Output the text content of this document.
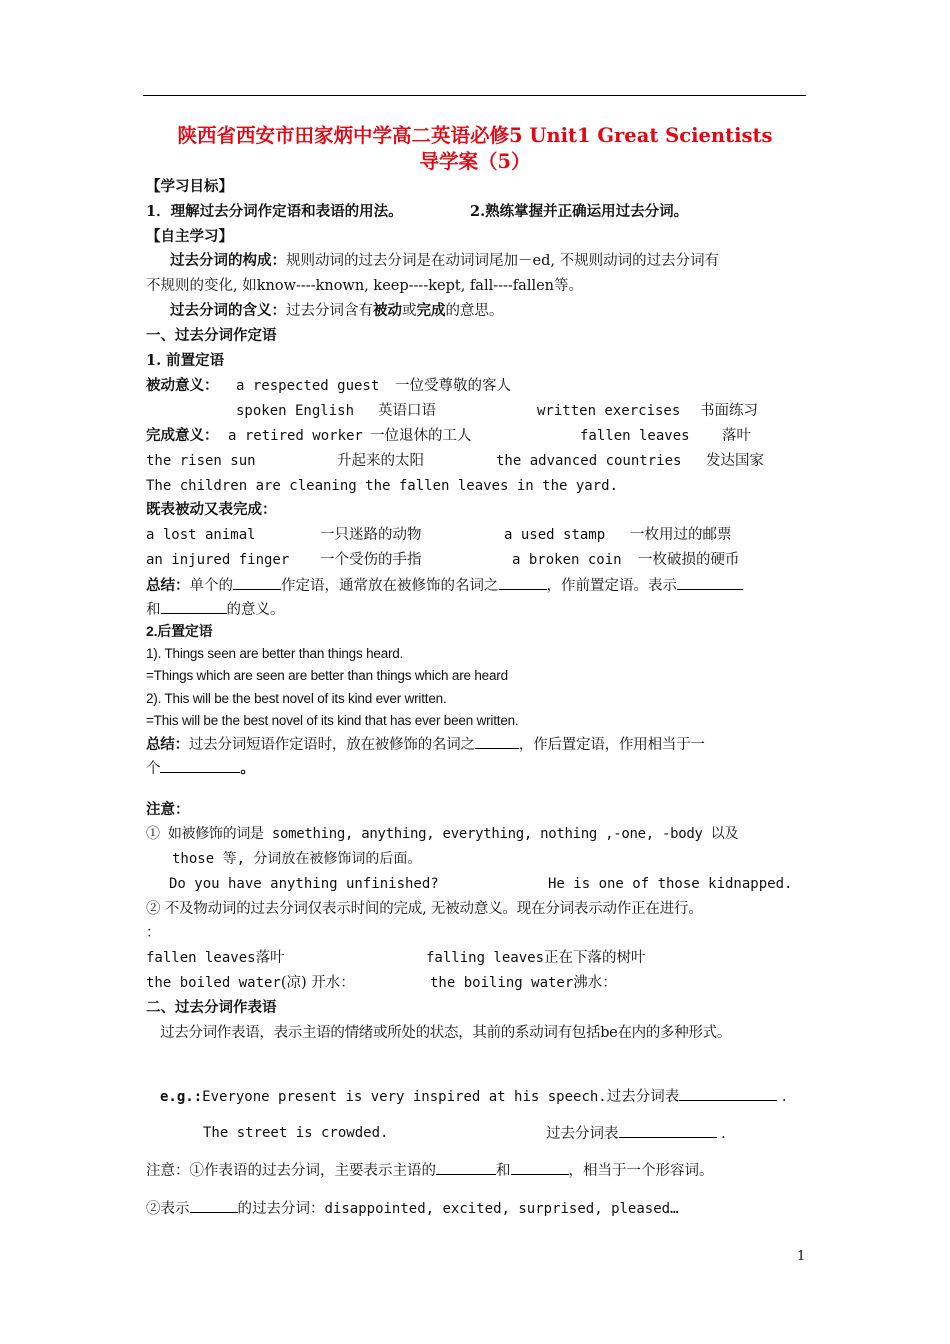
陕西省西安市田家炳中学高二英语必修5 Unit1 Great Scientists
导学案（5）
【学习目标】
1．理解过去分词作定语和表语的用法。	2.熟练掌握并正确运用过去分词。
【自主学习】
过去分词的构成：规则动词的过去分词是在动词词尾加－ed, 不规则动词的过去分词有
不规则的变化, 如know----known, keep----kept, fall----fallen等。
过去分词的含义：过去分词含有被动或完成的意思。
一、过去分词作定语
1. 前置定语
被动意义： a respected guest 一位受尊敬的客人
spoken English 英语口语	written exercises 书面练习
完成意义： a retired worker 一位退休的工人	fallen leaves 落叶
the risen sun	升起来的太阳	the advanced countries 发达国家
The children are cleaning the fallen leaves in the yard.
既表被动又表完成：
a lost animal	一只迷路的动物	a used stamp 一枚用过的邮票
an injured finger 一个受伤的手指	a broken coin 一枚破损的硬币
总结：单个的	作定语，通常放在被修饰的名词之	，作前置定语。表示
和	的意义。
2.后置定语
1). Things seen are better than things heard.
=Things which are seen are better than things which are heard
2). This will be the best novel of its kind ever written.
=This will be the best novel of its kind that has ever been written.
总结：过去分词短语作定语时，放在被修饰的名词之	，作后置定语，作用相当于一
个	。
注意：
① 如被修饰的词是 something, anything, everything, nothing ,-one, -body 以及
those 等, 分词放在被修饰词的后面。
Do you have anything unfinished?	He is one of those kidnapped.
② 不及物动词的过去分词仅表示时间的完成, 无被动意义。现在分词表示动作正在进行。
：
fallen leaves落叶	falling leaves正在下落的树叶
the boiled water(凉) 开水：	the boiling water沸水：
二、过去分词作表语
过去分词作表语，表示主语的情绪或所处的状态，其前的系动词有包括be在内的多种形式。
e.g.:Everyone present is very inspired at his speech.过去分词表	.
The street is crowded.	过去分词表	.
注意：①作表语的过去分词，主要表示主语的	和	，相当于一个形容词。
②表示	的过去分词：disappointed, excited, surprised, pleased…
1
